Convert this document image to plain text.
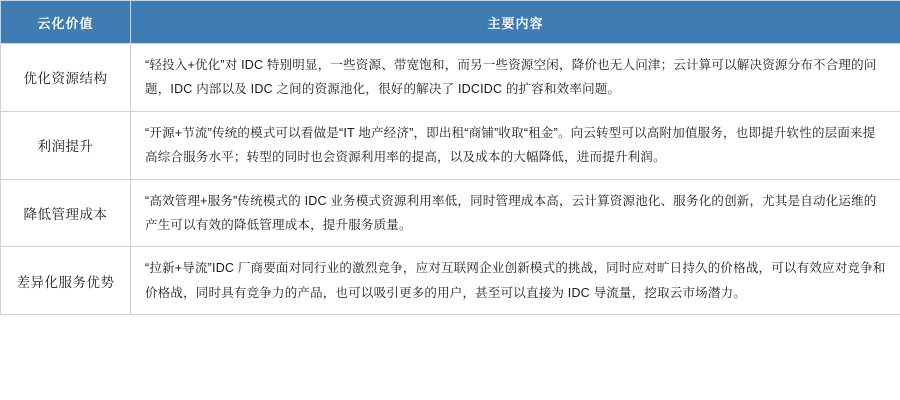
云化价值	主要内容
优化资源结构	“轻投入+优化”对 IDC 特别明显，一些资源、带宽饱和，而另一些资源空闲，降价也无人问津；云计算可以解决资源分布不合理的问题，IDC 内部以及 IDC 之间的资源池化，很好的解决了 IDCIDC 的扩容和效率问题。
利润提升	“开源+节流”传统的模式可以看做是“IT 地产经济”，即出租“商铺”收取“租金”。向云转型可以高附加值服务，也即提升软性的层面来提高综合服务水平；转型的同时也会资源利用率的提高，以及成本的大幅降低，进而提升利润。
降低管理成本	“高效管理+服务”传统模式的 IDC 业务模式资源利用率低，同时管理成本高，云计算资源池化、服务化的创新，尤其是自动化运维的产生可以有效的降低管理成本，提升服务质量。
差异化服务优势	“拉新+导流”IDC 厂商要面对同行业的激烈竞争，应对互联网企业创新模式的挑战，同时应对旷日持久的价格战，可以有效应对竞争和价格战，同时具有竞争力的产品，也可以吸引更多的用户，甚至可以直接为 IDC 导流量，挖取云市场潜力。
